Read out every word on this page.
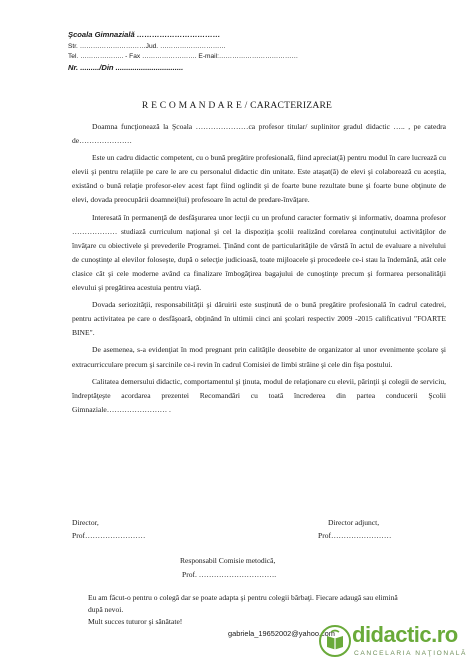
Şcoala Gimnazială ……………………………
Str. …………………………Jud. …………………………
Tel. ……………….. - Fax ……………………. E-mail:………………………………
Nr. ........./Din ................................
R E C O M A N D A R E / CARACTERIZARE

Doamna funcţionează la Şcoala …………………ca profesor titular/ suplinitor gradul didactic ….. , pe catedra de…………………

Este un cadru didactic competent, cu o bună pregătire profesională, fiind apreciat(ă) pentru modul în care lucrează cu elevii şi pentru relaţiile pe care le are cu personalul didactic din unitate. Este ataşat(ă) de elevi şi colaborează cu aceştia, existând o bună relaţie profesor-elev acest fapt fiind oglindit şi de foarte bune rezultate bune şi foarte bune obţinute de elevi, dovada preocupării doamnei(lui) profesoare în actul de predare-învăţare.

Interesată în permanenţă de desfăşurarea unor lecţii cu un profund caracter formativ şi informativ, doamna profesor ……………… studiază curriculum naţional şi cel la dispoziţia şcolii realizând corelarea conţinutului activităţilor de învăţare cu obiectivele şi prevederile Programei. Ţinând cont de particularităţile de vârstă în actul de evaluare a nivelului de cunoştinţe al elevilor foloseşte, după o selecţie judicioasă, toate mijloacele şi procedeele ce-i stau la îndemână, atât cele clasice cât şi cele moderne având ca finalizare îmbogăţirea bagajului de cunoştinţe precum şi formarea personalităţii elevului şi pregătirea acestuia pentru viaţă.

Dovada seriozităţii, responsabilităţii şi dăruirii este susţinută de o bună pregătire profesională în cadrul catedrei, pentru activitatea pe care o desfăşoară, obţinând în ultimii cinci ani şcolari respectiv 2009 -2015 calificativul "FOARTE BINE".

De asemenea, s-a evidenţiat în mod pregnant prin calităţile deosebite de organizator al unor evenimente şcolare şi extracurricculare precum şi sarcinile ce-i revin în cadrul Comisiei de limbi străine şi cele din fişa postului.

Calitatea demersului didactic, comportamentul şi ţinuta, modul de relaţionare cu elevii, părinţii şi colegii de serviciu, îndreptăţeşte acordarea prezentei Recomandări cu toată încrederea din partea conducerii Şcolii Gimnaziale…………………… .

Director,
Prof……………………
Director adjunct,
Prof……………………
Responsabil Comisie metodică,
Prof. ………………………….
Eu am făcut-o pentru o colegă dar se poate adapta şi pentru colegii bărbaţi. Fiecare adaugă sau elimină după nevoi.
Mult succes tuturor şi sănătate!
gabriela_19652002@yahoo.com didactic.ro
CANCELARIA NAŢIONALĂ
